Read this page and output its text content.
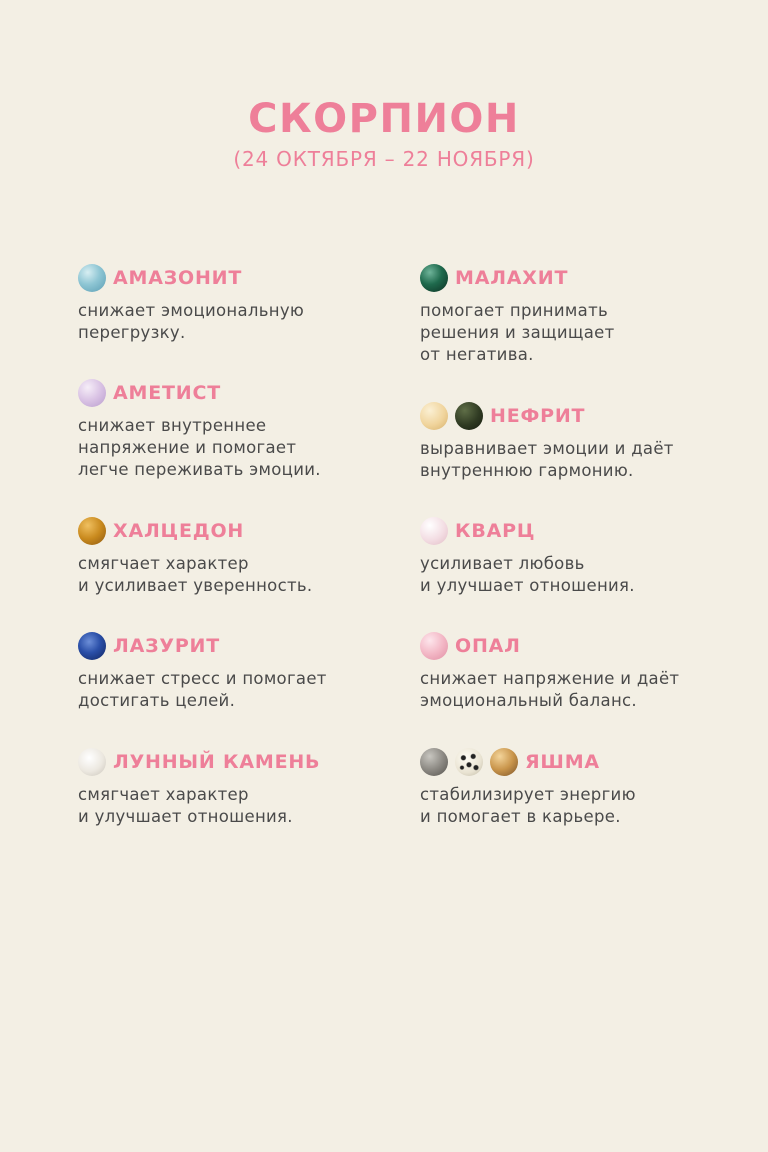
СКОРПИОН
(24 ОКТЯБРЯ – 22 НОЯБРЯ)
АМАЗОНИТ
снижает эмоциональную
перегрузку.
АМЕТИСТ
снижает внутреннее
напряжение и помогает
легче переживать эмоции.
ХАЛЦЕДОН
смягчает характер
и усиливает уверенность.
ЛАЗУРИТ
снижает стресс и помогает
достигать целей.
ЛУННЫЙ КАМЕНЬ
смягчает характер
и улучшает отношения.
МАЛАХИТ
помогает принимать
решения и защищает
от негатива.
НЕФРИТ
выравнивает эмоции и даёт
внутреннюю гармонию.
КВАРЦ
усиливает любовь
и улучшает отношения.
ОПАЛ
снижает напряжение и даёт
эмоциональный баланс.
ЯШМА
стабилизирует энергию
и помогает в карьере.
